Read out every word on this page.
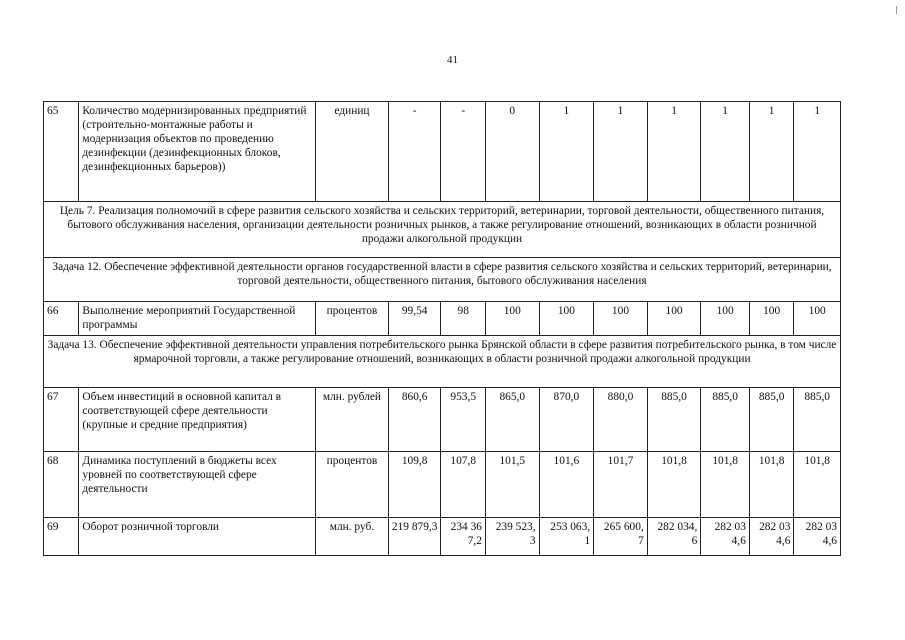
41
65	Количество модернизированных предприятий (строительно-монтажные работы и модернизация объектов по проведению дезинфекции (дезинфекционных блоков, дезинфекционных барьеров))	единиц	-	-	0	1	1	1	1	1	1
Цель 7. Реализация полномочий в сфере развития сельского хозяйства и сельских территорий, ветеринарии, торговой деятельности, общественного питания, бытового обслуживания населения, организации деятельности розничных рынков, а также регулирование отношений, возникающих в области розничной продажи алкогольной продукции											
Задача 12. Обеспечение эффективной деятельности органов государственной власти в сфере развития сельского хозяйства и сельских территорий, ветеринарии, торговой деятельности, общественного питания, бытового обслуживания населения											
66	Выполнение мероприятий Государственной программы	процентов	99,54	98	100	100	100	100	100	100	100
Задача 13. Обеспечение эффективной деятельности управления потребительского рынка Брянской области в сфере развития потребительского рынка, в том числе ярмарочной торговли, а также регулирование отношений, возникающих в области розничной продажи алкогольной продукции											
67	Объем инвестиций в основной капитал в соответствующей сфере деятельности (крупные и средние предприятия)	млн. рублей	860,6	953,5	865,0	870,0	880,0	885,0	885,0	885,0	885,0
68	Динамика поступлений в бюджеты всех уровней по соответствующей сфере деятельности	процентов	109,8	107,8	101,5	101,6	101,7	101,8	101,8	101,8	101,8
69	Оборот розничной торговли	млн. руб.	219 879,3	234 36 7,2	239 523, 3	253 063, 1	265 600, 7	282 034, 6	282 03 4,6	282 03 4,6	282 03 4,6
